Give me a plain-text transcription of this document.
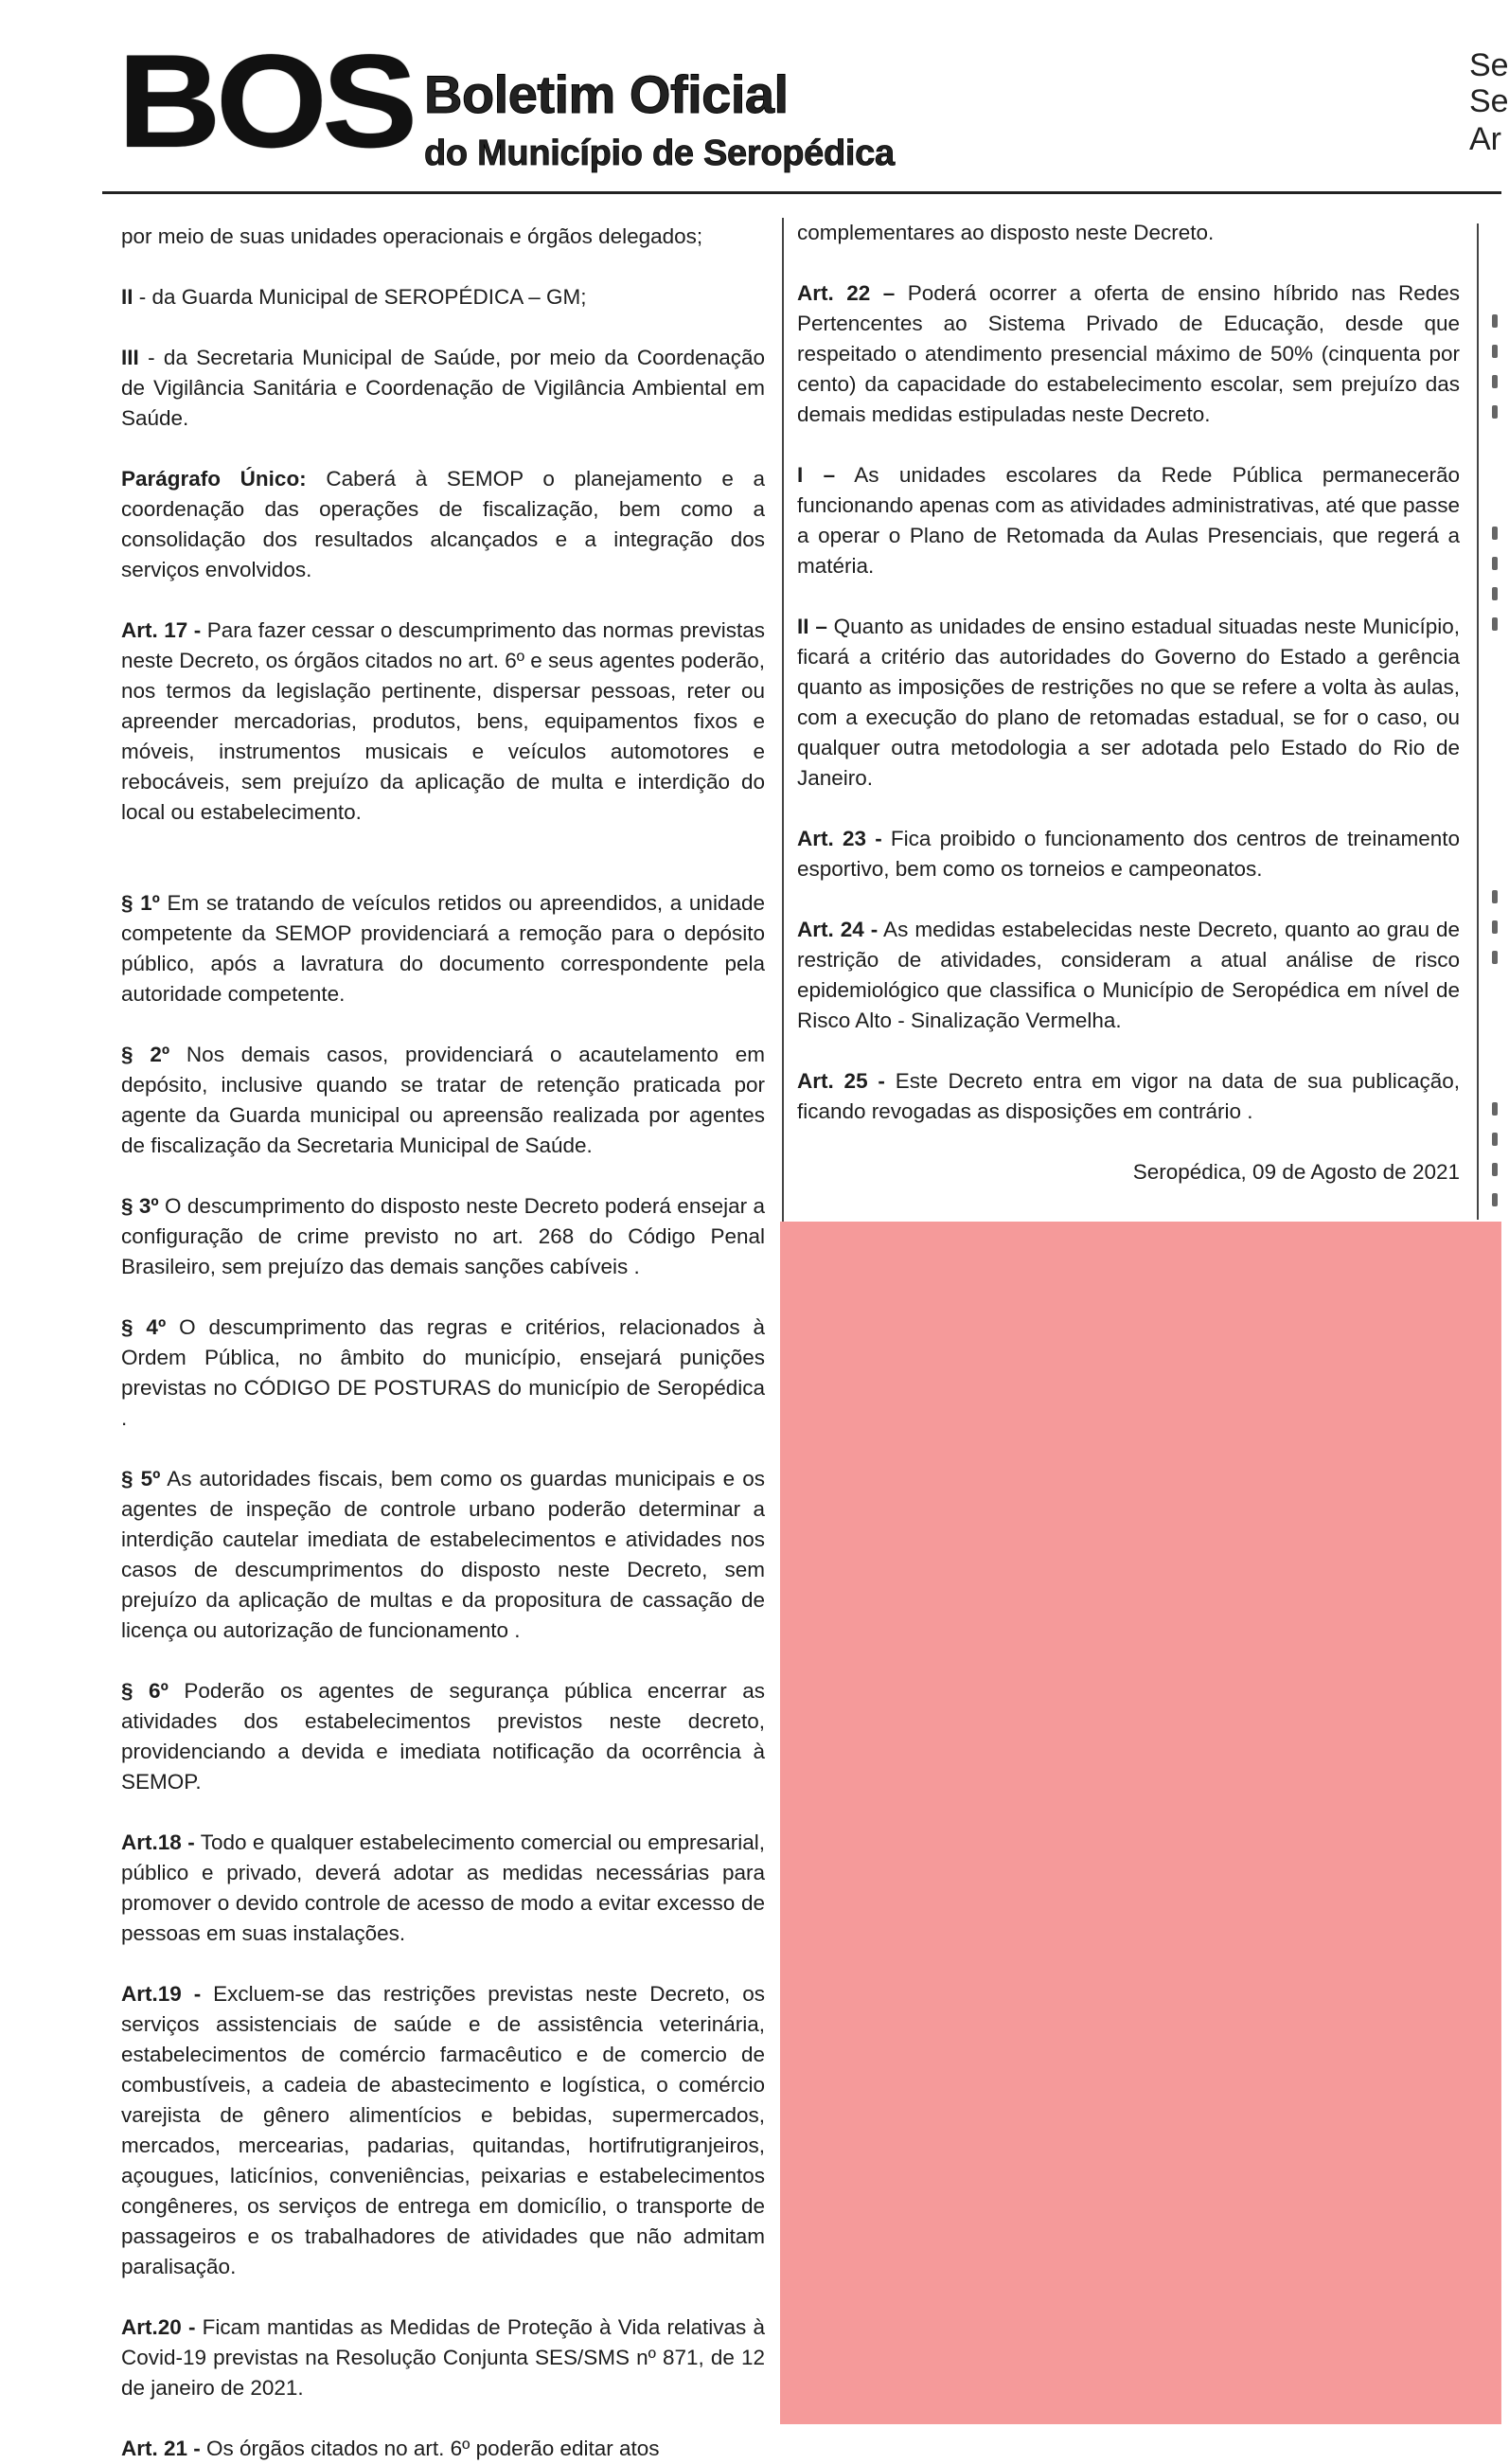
BOS Boletim Oficial
do Município de Seropédica
Se
Se
Ar

por meio de suas unidades operacionais e órgãos delegados;

II - da Guarda Municipal de SEROPÉDICA – GM;

III - da Secretaria Municipal de Saúde, por meio da Coordenação de Vigilância Sanitária e Coordenação de Vigilância Ambiental em Saúde.

Parágrafo Único: Caberá à SEMOP o planejamento e a coordenação das operações de fiscalização, bem como a consolidação dos resultados alcançados e a integração dos serviços envolvidos.

Art. 17 - Para fazer cessar o descumprimento das normas previstas neste Decreto, os órgãos citados no art. 6º e seus agentes poderão, nos termos da legislação pertinente, dispersar pessoas, reter ou apreender mercadorias, produtos, bens, equipamentos fixos e móveis, instrumentos musicais e veículos automotores e rebocáveis, sem prejuízo da aplicação de multa e interdição do local ou estabelecimento.

§ 1º Em se tratando de veículos retidos ou apreendidos, a unidade competente da SEMOP providenciará a remoção para o depósito público, após a lavratura do documento correspondente pela autoridade competente.

§ 2º Nos demais casos, providenciará o acautelamento em depósito, inclusive quando se tratar de retenção praticada por agente da Guarda municipal ou apreensão realizada por agentes de fiscalização da Secretaria Municipal de Saúde.

§ 3º O descumprimento do disposto neste Decreto poderá ensejar a configuração de crime previsto no art. 268 do Código Penal Brasileiro, sem prejuízo das demais sanções cabíveis .

§ 4º O descumprimento das regras e critérios, relacionados à Ordem Pública, no âmbito do município, ensejará punições previstas no CÓDIGO DE POSTURAS do município de Seropédica .

§ 5º As autoridades fiscais, bem como os guardas municipais e os agentes de inspeção de controle urbano poderão determinar a interdição cautelar imediata de estabelecimentos e atividades nos casos de descumprimentos do disposto neste Decreto, sem prejuízo da aplicação de multas e da propositura de cassação de licença ou autorização de funcionamento .

§ 6º Poderão os agentes de segurança pública encerrar as atividades dos estabelecimentos previstos neste decreto, providenciando a devida e imediata notificação da ocorrência à SEMOP.

Art.18 - Todo e qualquer estabelecimento comercial ou empresarial, público e privado, deverá adotar as medidas necessárias para promover o devido controle de acesso de modo a evitar excesso de pessoas em suas instalações.

Art.19 - Excluem-se das restrições previstas neste Decreto, os serviços assistenciais de saúde e de assistência veterinária, estabelecimentos de comércio farmacêutico e de comercio de combustíveis, a cadeia de abastecimento e logística, o comércio varejista de gênero alimentícios e bebidas, supermercados, mercados, mercearias, padarias, quitandas, hortifrutigranjeiros, açougues, laticínios, conveniências, peixarias e estabelecimentos congêneres, os serviços de entrega em domicílio, o transporte de passageiros e os trabalhadores de atividades que não admitam paralisação.

Art.20 - Ficam mantidas as Medidas de Proteção à Vida relativas à Covid-19 previstas na Resolução Conjunta SES/SMS nº 871, de 12 de janeiro de 2021.

Art. 21 - Os órgãos citados no art. 6º poderão editar atos

complementares ao disposto neste Decreto.

Art. 22 – Poderá ocorrer a oferta de ensino híbrido nas Redes Pertencentes ao Sistema Privado de Educação, desde que respeitado o atendimento presencial máximo de 50% (cinquenta por cento) da capacidade do estabelecimento escolar, sem prejuízo das demais medidas estipuladas neste Decreto.

I – As unidades escolares da Rede Pública permanecerão funcionando apenas com as atividades administrativas, até que passe a operar o Plano de Retomada da Aulas Presenciais, que regerá a matéria.

II – Quanto as unidades de ensino estadual situadas neste Município, ficará a critério das autoridades do Governo do Estado a gerência quanto as imposições de restrições no que se refere a volta às aulas, com a execução do plano de retomadas estadual, se for o caso, ou qualquer outra metodologia a ser adotada pelo Estado do Rio de Janeiro.

Art. 23 - Fica proibido o funcionamento dos centros de treinamento esportivo, bem como os torneios e campeonatos.

Art. 24 - As medidas estabelecidas neste Decreto, quanto ao grau de restrição de atividades, consideram a atual análise de risco epidemiológico que classifica o Município de Seropédica em nível de Risco Alto - Sinalização Vermelha.

Art. 25 - Este Decreto entra em vigor na data de sua publicação, ficando revogadas as disposições em contrário .

Seropédica, 09 de Agosto de 2021
